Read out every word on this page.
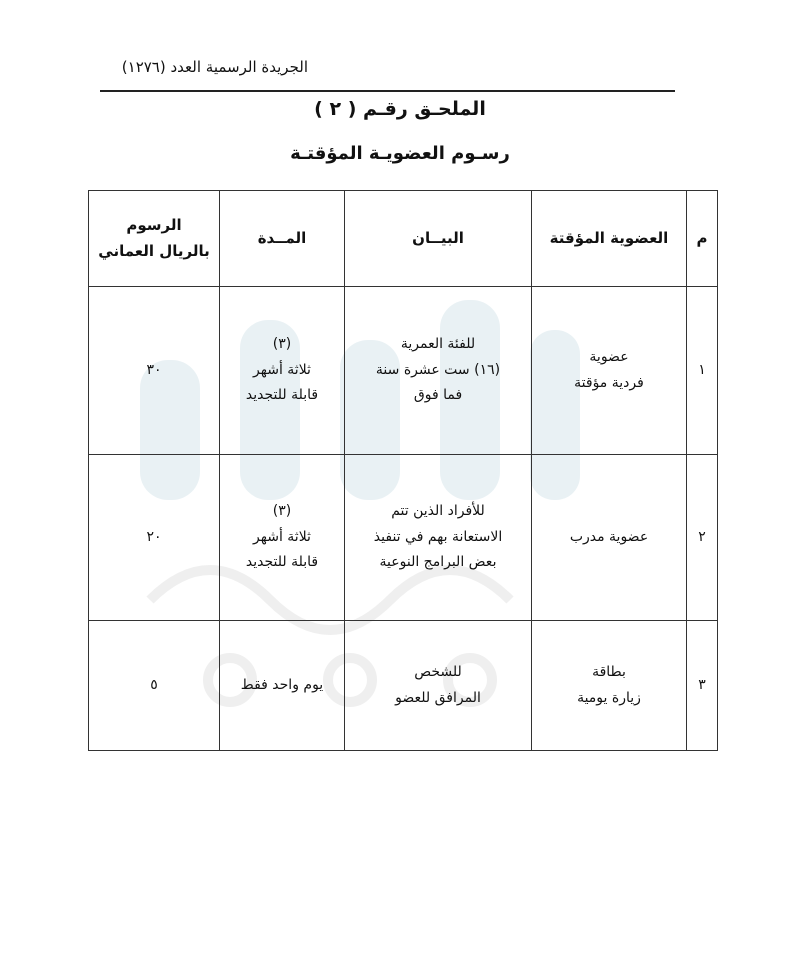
الجريدة الرسمية العدد (١٢٧٦)
الملحـق رقـم ( ٢ )
رسـوم العضويـة المؤقتـة
م	العضوية المؤقتة	البيــان	المــدة	الرسوم
بالريال العماني

١	عضوية
فردية مؤقتة	للفئة العمرية
(١٦) ست عشرة سنة
فما فوق	(٣)
ثلاثة أشهر
قابلة للتجديد	٣٠
٢	عضوية مدرب	للأفراد الذين تتم
الاستعانة بهم في تنفيذ
بعض البرامج النوعية	(٣)
ثلاثة أشهر
قابلة للتجديد	٢٠
٣	بطاقة
زيارة يومية	للشخص
المرافق للعضو	يوم واحد فقط	٥
